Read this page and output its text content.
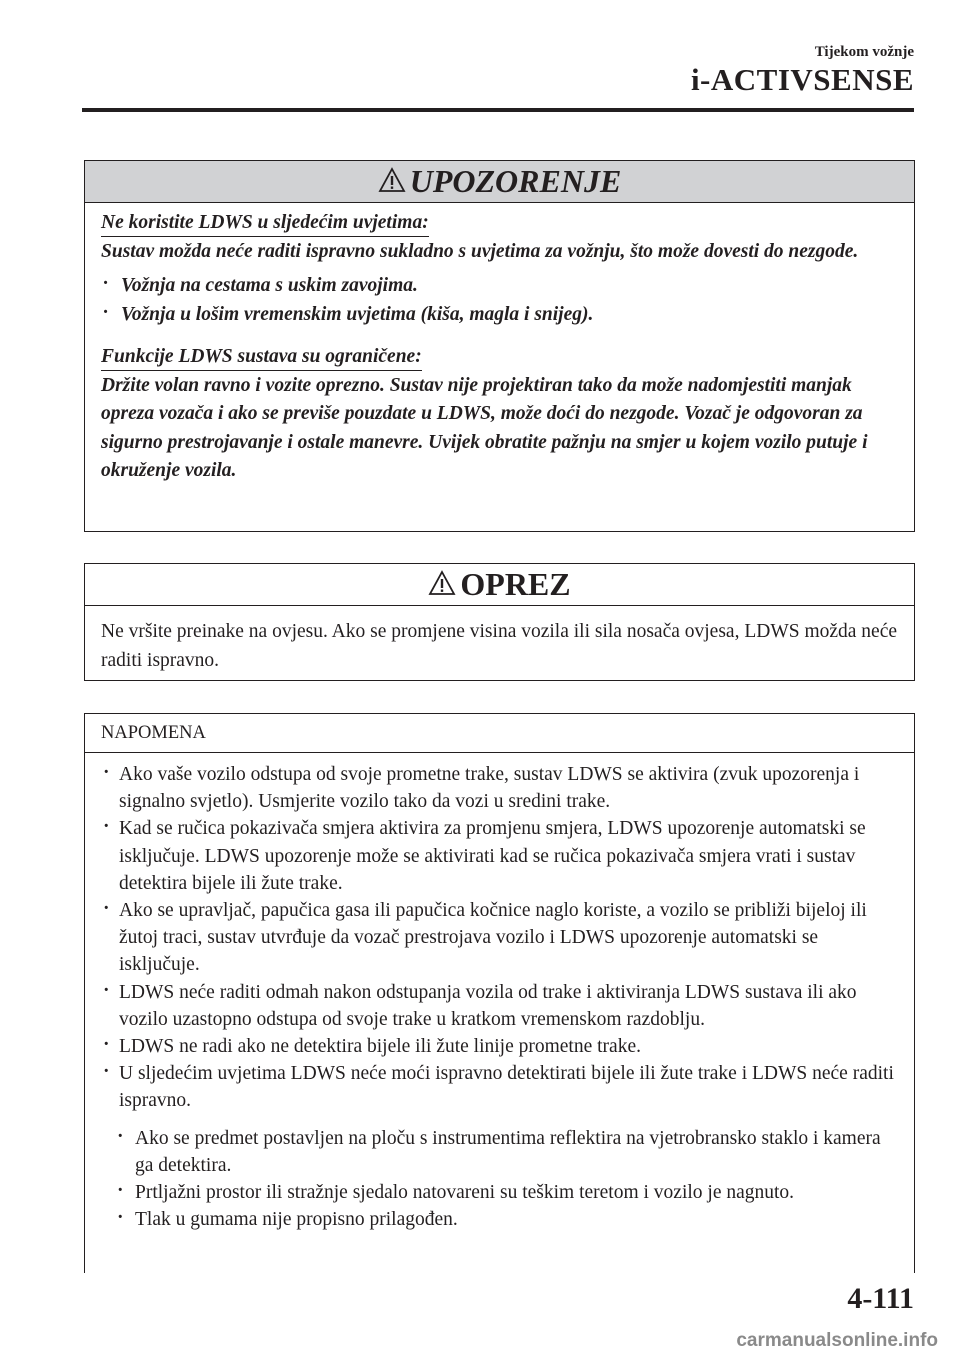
Tijekom vožnje
i-ACTIVSENSE
UPOZORENJE
Ne koristite LDWS u sljedećim uvjetima:
Sustav možda neće raditi ispravno sukladno s uvjetima za vožnju, što može dovesti do nezgode.
· Vožnja na cestama s uskim zavojima.
· Vožnja u lošim vremenskim uvjetima (kiša, magla i snijeg).
Funkcije LDWS sustava su ograničene:
Držite volan ravno i vozite oprezno. Sustav nije projektiran tako da može nadomjestiti manjak opreza vozača i ako se previše pouzdate u LDWS, može doći do nezgode. Vozač je odgovoran za sigurno prestrojavanje i ostale manevre. Uvijek obratite pažnju na smjer u kojem vozilo putuje i okruženje vozila.
OPREZ
Ne vršite preinake na ovjesu. Ako se promjene visina vozila ili sila nosača ovjesa, LDWS možda neće raditi ispravno.
NAPOMENA
· Ako vaše vozilo odstupa od svoje prometne trake, sustav LDWS se aktivira (zvuk upozorenja i signalno svjetlo). Usmjerite vozilo tako da vozi u sredini trake.
· Kad se ručica pokazivača smjera aktivira za promjenu smjera, LDWS upozorenje automatski se isključuje. LDWS upozorenje može se aktivirati kad se ručica pokazivača smjera vrati i sustav detektira bijele ili žute trake.
· Ako se upravljač, papučica gasa ili papučica kočnice naglo koriste, a vozilo se približi bijeloj ili žutoj traci, sustav utvrđuje da vozač prestrojava vozilo i LDWS upozorenje automatski se isključuje.
· LDWS neće raditi odmah nakon odstupanja vozila od trake i aktiviranja LDWS sustava ili ako vozilo uzastopno odstupa od svoje trake u kratkom vremenskom razdoblju.
· LDWS ne radi ako ne detektira bijele ili žute linije prometne trake.
· U sljedećim uvjetima LDWS neće moći ispravno detektirati bijele ili žute trake i LDWS neće raditi ispravno.
· Ako se predmet postavljen na ploču s instrumentima reflektira na vjetrobransko staklo i kamera ga detektira.
· Prtljažni prostor ili stražnje sjedalo natovareni su teškim teretom i vozilo je nagnuto.
· Tlak u gumama nije propisno prilagođen.
4-111
carmanualsonline.info
